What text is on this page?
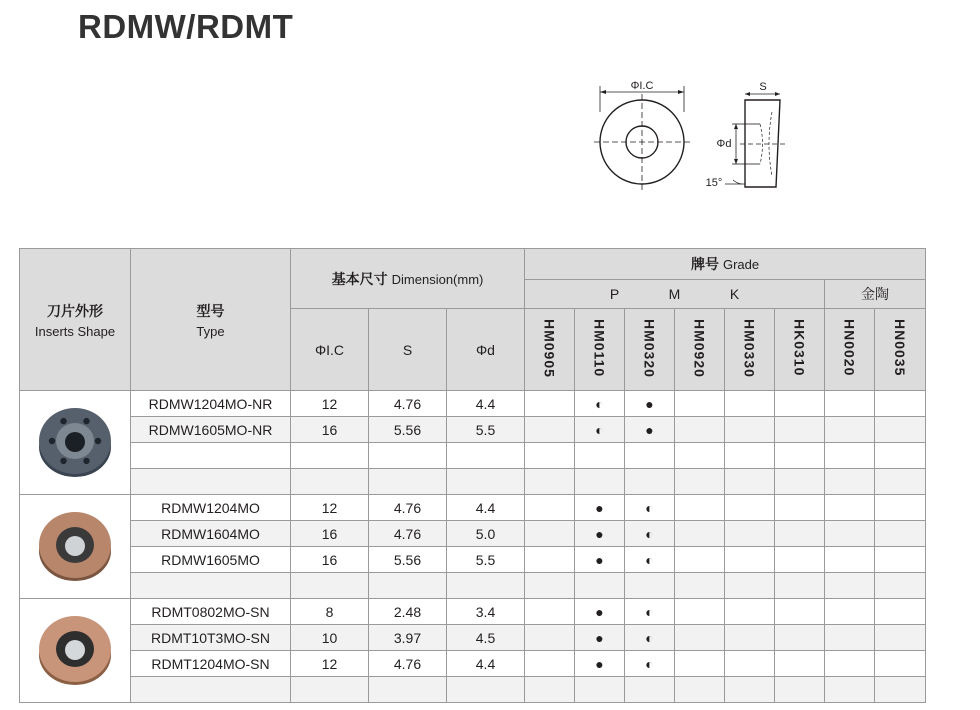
RDMW/RDMT
ΦI.C	S
Φd
15°
刀片外形
Inserts Shape	型号
Type	基本尺寸 Dimension(mm)			牌号 Grade							
					P M K						金陶	
		ΦI.C	S	Φd	HM0905	HM0110	HM0320	HM0920	HM0330	HK0310	HN0020	HN0035
	RDMW1204MO-NR	12	4.76	4.4		◐	●					
	RDMW1605MO-NR	16	5.56	5.5		◐	●					

	RDMW1204MO	12	4.76	4.4		●	◐					
	RDMW1604MO	16	4.76	5.0		●	◐					
	RDMW1605MO	16	5.56	5.5		●	◐					

	RDMT0802MO-SN	8	2.48	3.4		●	◐					
	RDMT10T3MO-SN	10	3.97	4.5		●	◐					
	RDMT1204MO-SN	12	4.76	4.4		●	◐					
